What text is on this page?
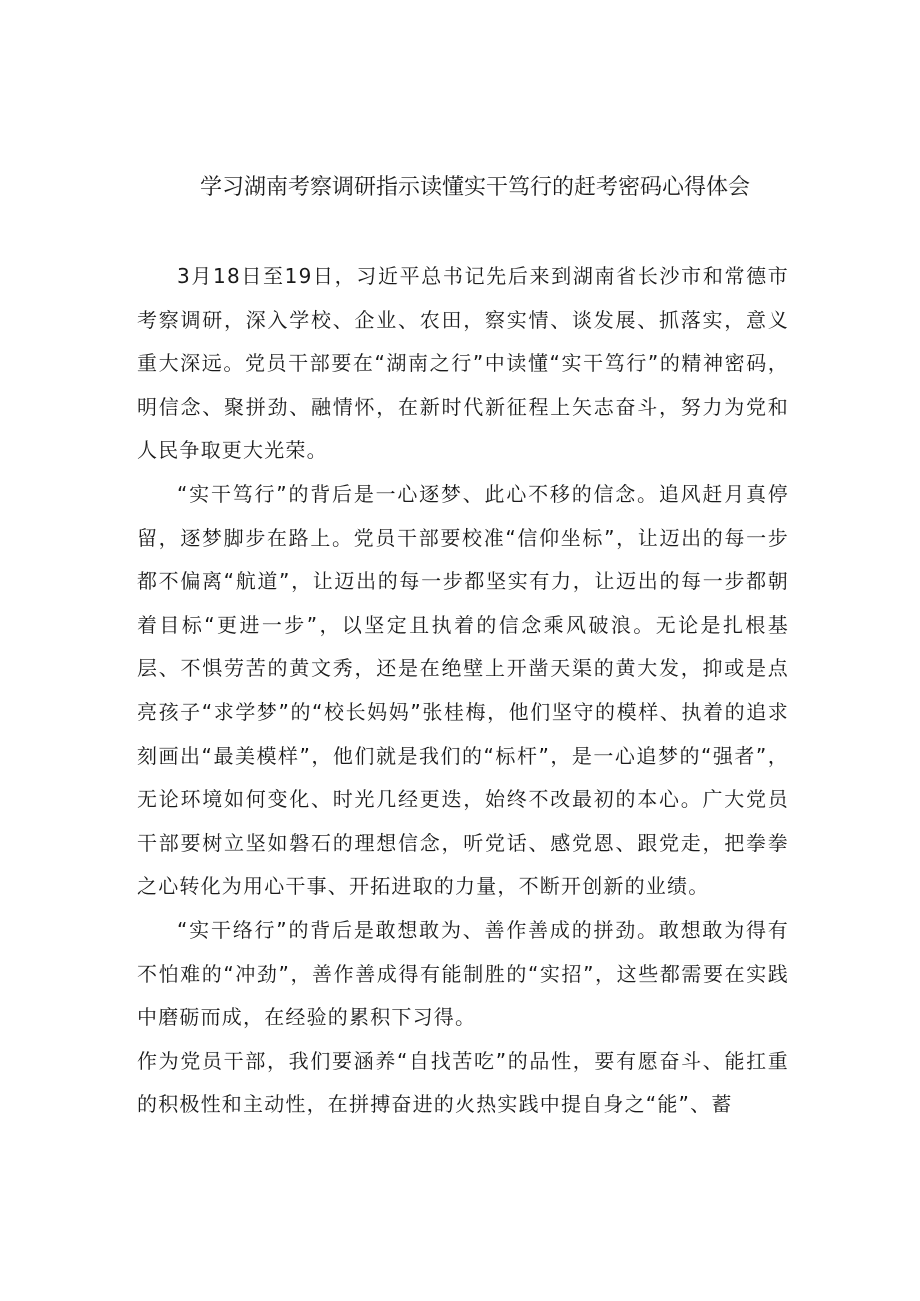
学习湖南考察调研指示读懂实干笃行的赶考密码心得体会

3月18日至19日，习近平总书记先后来到湖南省长沙市和常德市考察调研，深入学校、企业、农田，察实情、谈发展、抓落实，意义重大深远。党员干部要在“湖南之行”中读懂“实干笃行”的精神密码，明信念、聚拼劲、融情怀，在新时代新征程上矢志奋斗，努力为党和人民争取更大光荣。

“实干笃行”的背后是一心逐梦、此心不移的信念。追风赶月真停留，逐梦脚步在路上。党员干部要校准“信仰坐标”，让迈出的每一步都不偏离“航道”，让迈出的每一步都坚实有力，让迈出的每一步都朝着目标“更进一步”，以坚定且执着的信念乘风破浪。无论是扎根基层、不惧劳苦的黄文秀，还是在绝壁上开凿天渠的黄大发，抑或是点亮孩子“求学梦”的“校长妈妈”张桂梅，他们坚守的模样、执着的追求刻画出“最美模样”，他们就是我们的“标杆”，是一心追梦的“强者”，无论环境如何变化、时光几经更迭，始终不改最初的本心。广大党员干部要树立坚如磐石的理想信念，听党话、感党恩、跟党走，把拳拳之心转化为用心干事、开拓进取的力量，不断开创新的业绩。

“实干络行”的背后是敢想敢为、善作善成的拼劲。敢想敢为得有不怕难的“冲劲”，善作善成得有能制胜的“实招”，这些都需要在实践中磨砺而成，在经验的累积下习得。

作为党员干部，我们要涵养“自找苦吃”的品性，要有愿奋斗、能扛重的积极性和主动性，在拼搏奋进的火热实践中提自身之“能”、蓄
